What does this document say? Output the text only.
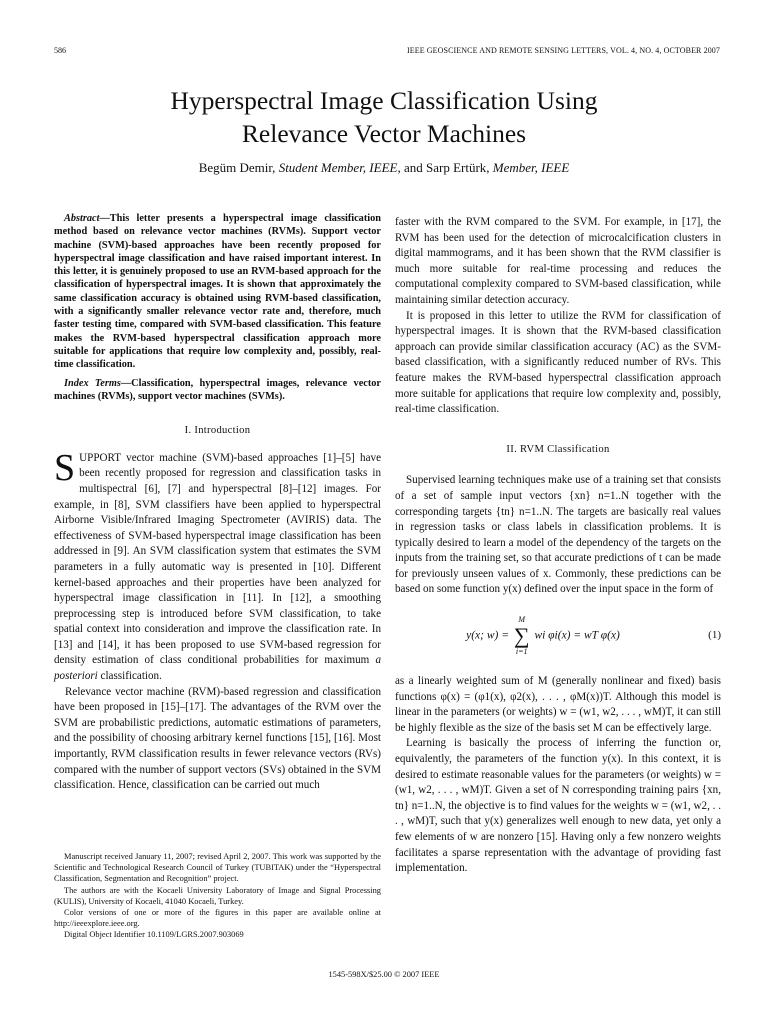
586	IEEE GEOSCIENCE AND REMOTE SENSING LETTERS, VOL. 4, NO. 4, OCTOBER 2007
Hyperspectral Image Classification Using
Relevance Vector Machines
Begüm Demir, Student Member, IEEE, and Sarp Ertürk, Member, IEEE

Abstract—This letter presents a hyperspectral image classification method based on relevance vector machines (RVMs). Support vector machine (SVM)-based approaches have been recently proposed for hyperspectral image classification and have raised important interest. In this letter, it is genuinely proposed to use an RVM-based approach for the classification of hyperspectral images. It is shown that approximately the same classification accuracy is obtained using RVM-based classification, with a significantly smaller relevance vector rate and, therefore, much faster testing time, compared with SVM-based classification. This feature makes the RVM-based hyperspectral classification approach more suitable for applications that require low complexity and, possibly, real-time classification.

Index Terms—Classification, hyperspectral images, relevance vector machines (RVMs), support vector machines (SVMs).

I. Introduction

SUPPORT vector machine (SVM)-based approaches [1]–[5] have been recently proposed for regression and classification tasks in multispectral [6], [7] and hyperspectral [8]–[12] images. For example, in [8], SVM classifiers have been applied to hyperspectral Airborne Visible/Infrared Imaging Spectrometer (AVIRIS) data. The effectiveness of SVM-based hyperspectral image classification has been addressed in [9]. An SVM classification system that estimates the SVM parameters in a fully automatic way is presented in [10]. Different kernel-based approaches and their properties have been analyzed for hyperspectral image classification in [11]. In [12], a smoothing preprocessing step is introduced before SVM classification, to take spatial context into consideration and improve the classification rate. In [13] and [14], it has been proposed to use SVM-based regression for density estimation of class conditional probabilities for maximum a posteriori classification.

Relevance vector machine (RVM)-based regression and classification have been proposed in [15]–[17]. The advantages of the RVM over the SVM are probabilistic predictions, automatic estimations of parameters, and the possibility of choosing arbitrary kernel functions [15], [16]. Most importantly, RVM classification results in fewer relevance vectors (RVs) compared with the number of support vectors (SVs) obtained in the SVM classification. Hence, classification can be carried out much

Manuscript received January 11, 2007; revised April 2, 2007. This work was supported by the Scientific and Technological Research Council of Turkey (TUBITAK) under the “Hyperspectral Classification, Segmentation and Recognition” project.

The authors are with the Kocaeli University Laboratory of Image and Signal Processing (KULIS), University of Kocaeli, 41040 Kocaeli, Turkey.

Color versions of one or more of the figures in this paper are available online at http://ieeexplore.ieee.org.

Digital Object Identifier 10.1109/LGRS.2007.903069

faster with the RVM compared to the SVM. For example, in [17], the RVM has been used for the detection of microcalcification clusters in digital mammograms, and it has been shown that the RVM classifier is much more suitable for real-time processing and reduces the computational complexity compared to SVM-based classification, while maintaining similar detection accuracy.

It is proposed in this letter to utilize the RVM for classification of hyperspectral images. It is shown that the RVM-based classification approach can provide similar classification accuracy (AC) as the SVM-based classification, with a significantly reduced number of RVs. This feature makes the RVM-based hyperspectral classification approach more suitable for applications that require low complexity and, possibly, real-time classification.

II. RVM Classification

Supervised learning techniques make use of a training set that consists of a set of sample input vectors {xn} n=1..N together with the corresponding targets {tn} n=1..N. The targets are basically real values in regression tasks or class labels in classification problems. It is typically desired to learn a model of the dependency of the targets on the inputs from the training set, so that accurate predictions of t can be made for previously unseen values of x. Commonly, these predictions can be based on some function y(x) defined over the input space in the form of

y(x; w) =
M
∑
i=1
wi φi(x) = wT φ(x)	(1)

as a linearly weighted sum of M (generally nonlinear and fixed) basis functions φ(x) = (φ1(x), φ2(x), . . . , φM(x))T. Although this model is linear in the parameters (or weights) w = (w1, w2, . . . , wM)T, it can still be highly flexible as the size of the basis set M can be effectively large.

Learning is basically the process of inferring the function or, equivalently, the parameters of the function y(x). In this context, it is desired to estimate reasonable values for the parameters (or weights) w = (w1, w2, . . . , wM)T. Given a set of N corresponding training pairs {xn, tn} n=1..N, the objective is to find values for the weights w = (w1, w2, . . . , wM)T, such that y(x) generalizes well enough to new data, yet only a few elements of w are nonzero [15]. Having only a few nonzero weights facilitates a sparse representation with the advantage of providing fast implementation.

1545-598X/$25.00 © 2007 IEEE
